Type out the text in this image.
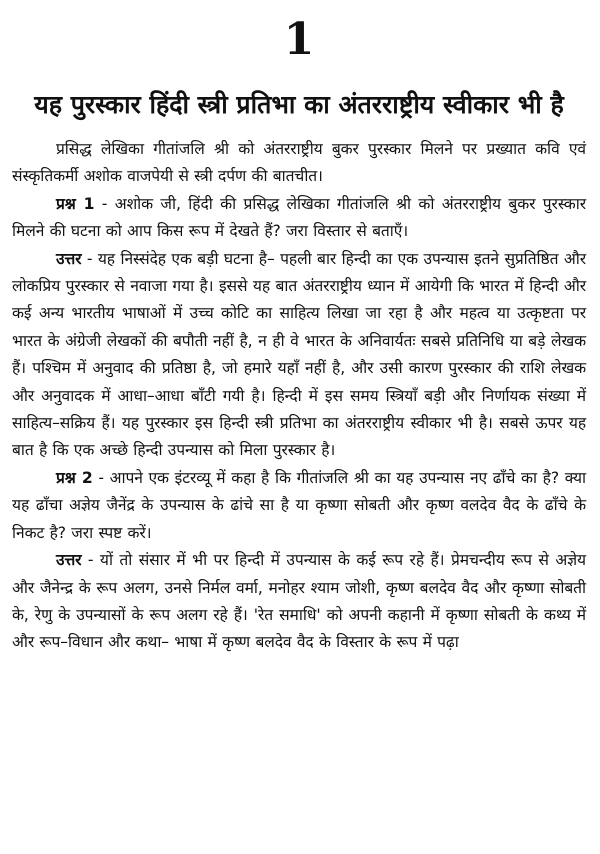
1
यह पुरस्कार हिंदी स्त्री प्रतिभा का अंतरराष्ट्रीय स्वीकार भी है

प्रसिद्ध लेखिका गीतांजलि श्री को अंतरराष्ट्रीय बुकर पुरस्कार मिलने पर प्रख्यात कवि एवं संस्कृतिकर्मी अशोक वाजपेयी से स्त्री दर्पण की बातचीत।

प्रश्न 1 - अशोक जी, हिंदी की प्रसिद्ध लेखिका गीतांजलि श्री को अंतरराष्ट्रीय बुकर पुरस्कार मिलने की घटना को आप किस रूप में देखते हैं? जरा विस्तार से बताएँ।

उत्तर - यह निस्संदेह एक बड़ी घटना है– पहली बार हिन्दी का एक उपन्यास इतने सुप्रतिष्ठित और लोकप्रिय पुरस्कार से नवाजा गया है। इससे यह बात अंतरराष्ट्रीय ध्यान में आयेगी कि भारत में हिन्दी और कई अन्य भारतीय भाषाओं में उच्च कोटि का साहित्य लिखा जा रहा है और महत्व या उत्कृष्टता पर भारत के अंग्रेजी लेखकों की बपौती नहीं है, न ही वे भारत के अनिवार्यतः सबसे प्रतिनिधि या बड़े लेखक हैं। पश्चिम में अनुवाद की प्रतिष्ठा है, जो हमारे यहाँ नहीं है, और उसी कारण पुरस्कार की राशि लेखक और अनुवादक में आधा–आधा बाँटी गयी है। हिन्दी में इस समय स्त्रियाँ बड़ी और निर्णायक संख्या में साहित्य–सक्रिय हैं। यह पुरस्कार इस हिन्दी स्त्री प्रतिभा का अंतरराष्ट्रीय स्वीकार भी है। सबसे ऊपर यह बात है कि एक अच्छे हिन्दी उपन्यास को मिला पुरस्कार है।

प्रश्न 2 - आपने एक इंटरव्यू में कहा है कि गीतांजलि श्री का यह उपन्यास नए ढाँचे का है? क्या यह ढाँचा अज्ञेय जैनेंद्र के उपन्यास के ढांचे सा है या कृष्णा सोबती और कृष्ण वलदेव वैद के ढाँचे के निकट है? जरा स्पष्ट करें।

उत्तर - यों तो संसार में भी पर हिन्दी में उपन्यास के कई रूप रहे हैं। प्रेमचन्दीय रूप से अज्ञेय और जैनेन्द्र के रूप अलग, उनसे निर्मल वर्मा, मनोहर श्याम जोशी, कृष्ण बलदेव वैद और कृष्णा सोबती के, रेणु के उपन्यासों के रूप अलग रहे हैं। 'रेत समाधि' को अपनी कहानी में कृष्णा सोबती के कथ्य में और रूप–विधान और कथा– भाषा में कृष्ण बलदेव वैद के विस्तार के रूप में पढ़ा
